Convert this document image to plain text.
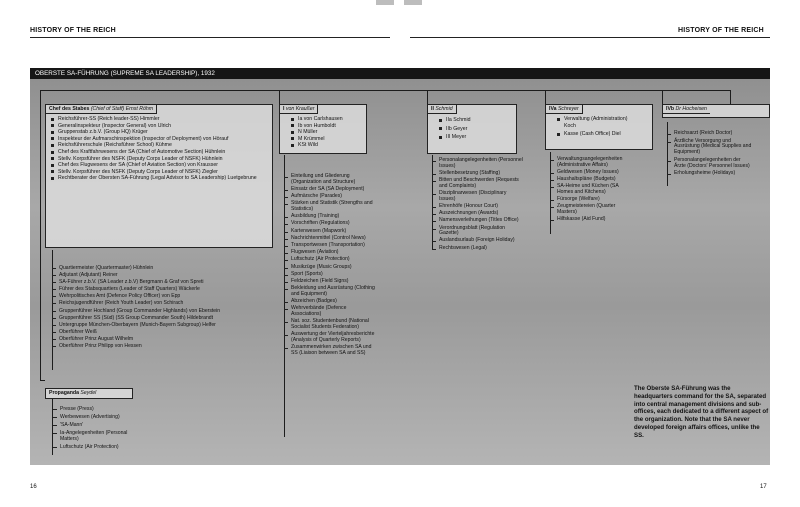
HISTORY OF THE REICH	HISTORY OF THE REICH
OBERSTE SA-FÜHRUNG (SUPREME SA LEADERSHIP), 1932
Chef des Stabes (Chief of Staff) Ernst Röhm
Reichsführer-SS (Reich leader-SS) Himmler
Generalinspekteur (Inspector General) von Ulrich
Gruppenstab z.b.V. (Group HQ) Krüger
Inspekteur der Aufmarschinspektion (Inspector of Deployment) von Hörauf
Reichsführerschule (Reichsführer School) Kühme
Chef des Kraftfahrwesens der SA (Chief of Automotive Section) Hühnlein
Stellv. Korpsführer des NSFK (Deputy Corps Leader of NSFK) Hühnlein
Chef des Flugwesens der SA (Chief of Aviation Section) von Krausser
Stellv. Korpsführer des NSFK (Deputy Corps Leader of NSFK) Ziegler
Rechtberater der Obersten SA-Führung (Legal Advisor to SA Leadership) Luetgebrune
Quartiermeister (Quartermaster) Hühnlein
Adjutant (Adjutant) Reiner
SA-Führer z.b.V. (SA Leader z.b.V) Bergmann & Graf von Spreti
Führer des Stabsquartiers (Leader of Staff Quarters) Wäckerle
Wehrpolitisches Amt (Defence Policy Officer) von Epp
Reichsjugendführer (Reich Youth Leader) von Schirach
Gruppenführer Hochland (Group Commander Highlands) von Eberstein
Gruppenführer SS (Süd) (SS Group Commander South) Hildebrandt
Untergruppe München-Oberbayern (Munich-Bayern Subgroup) Helfer
Oberführer Weiß
Oberführer Prinz August Wilhelm
Oberführer Prinz Philipp von Hessen
Propaganda Seydel
Presse (Press)
Werbewesen (Advertising)
'SA-Mann'
Ia-Angelegenheiten (Personal Matters)
Luftschutz (Air Protection)
I von Kraußer
Ia von Carlshausen
Ib von Humboldt
N Müller
M Krümmel
KSt Wild
Einteilung und Gliederung (Organization and Structure)
Einsatz der SA (SA Deployment)
Aufmärsche (Parades)
Stärken und Statistik (Strengths and Statistics)
Ausbildung (Training)
Vorschriften (Regulations)
Kartenwesen (Mapwork)
Nachrichtenmittel (Control News)
Transportwesen (Transportation)
Flugwesen (Aviation)
Luftschutz (Air Protection)
Musikzüge (Music Groups)
Sport (Sports)
Feldzeichen (Field Signs)
Bekleidung und Ausrüstung (Clothing and Equipment)
Abzeichen (Badges)
Wehrverbände (Defence Associations)
Nat. soz. Studentenbund (National Socialist Students Federation)
Auswertung der Vierteljahresberichte (Analysis of Quarterly Reports)
Zusammenwirken zwischen SA und SS (Liaison between SA and SS)
II Schmid
IIa Schmid
IIb Geyer
III Meyer
Personalangelegenheiten (Personnel Issues)
Stellenbesetzung (Staffing)
Bitten und Beschwerden (Requests and Complaints)
Disziplinarwesen (Disciplinary Issues)
Ehrenhöfe (Honour Court)
Auszeichnungen (Awards)
Namensverleihungen (Titles Office)
Verordnungsblatt (Regulation Gazette)
Auslandsurlaub (Foreign Holiday)
Rechtswesen (Legal)
IVa Schreyer
Verwaltung (Administration) Koch
Kasse (Cash Office) Diel
Verwaltungsangelegenheiten (Administrative Affairs)
Geldwesen (Money Issues)
Haushaltspläne (Budgets)
SA-Heime und Küchen (SA Homes and Kitchens)
Fürsorge (Welfare)
Zeugmeistereien (Quarter Masters)
Hilfskasse (Aid Fund)
IVb Dr Hocheisen
Reichsarzt (Reich Doctor)
Ärztliche Versorgung und Ausrüstung (Medical Supplies and Equipment)
Personalangelegenheiten der Ärzte (Doctors' Personnel Issues)
Erholungsheime (Holidays)
The Oberste SA-Führung was the headquarters command for the SA, separated into central management divisions and sub-offices, each dedicated to a different aspect of the organization. Note that the SA never developed foreign affairs offices, unlike the SS.
16	17
